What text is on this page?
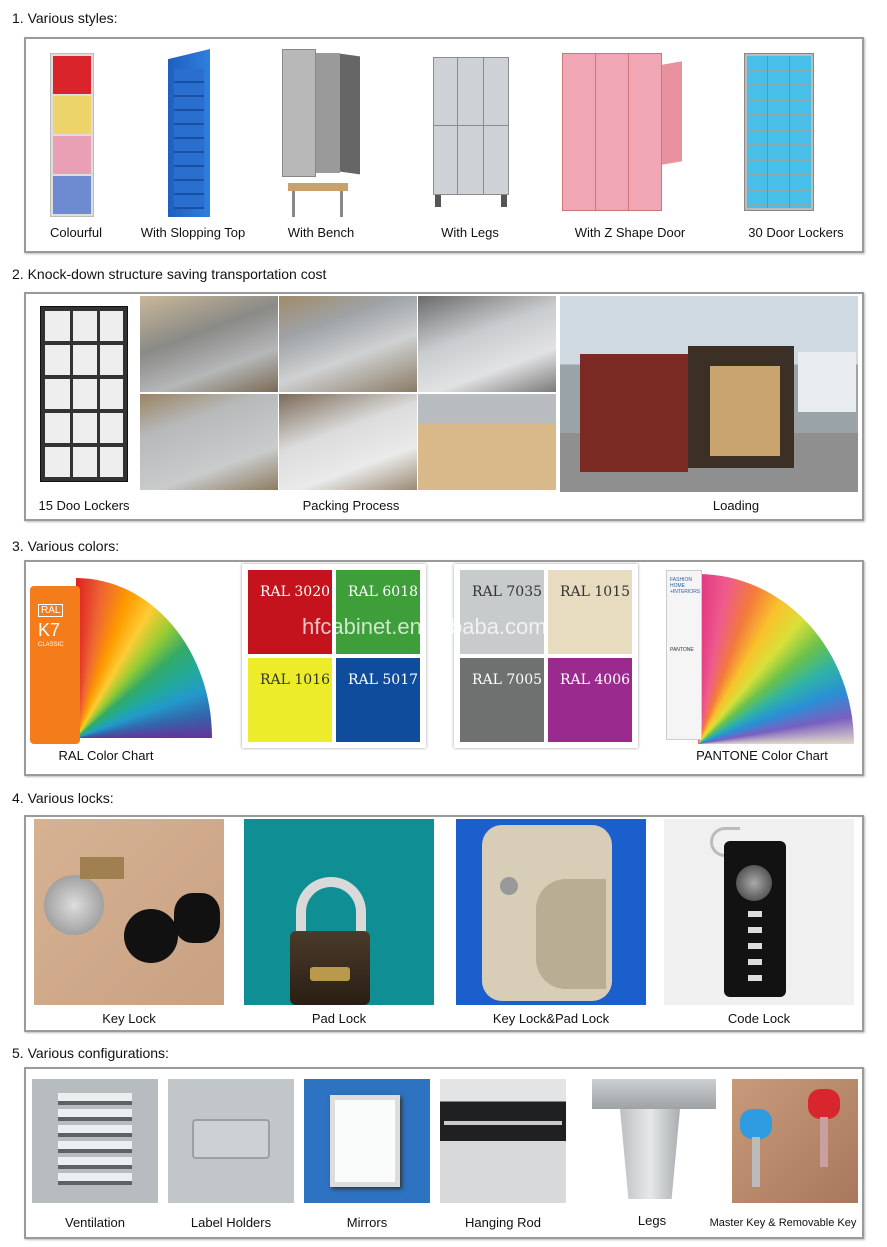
1. Various styles:
Colourful	With Slopping Top	With Bench	With Legs	With Z Shape Door	30 Door Lockers
2. Knock-down structure saving transportation cost
15 Doo Lockers	Packing Process	Loading
3. Various colors:
RAL
K7
CLASSIC
RAL 3020 RAL 6018
RAL 1016 RAL 5017
RAL 7035 RAL 1015
RAL 7005 RAL 4006
hfcabinet.en.alibaba.com
FASHION
HOME
+INTERIORS
PANTONE
RAL Color Chart	PANTONE Color Chart
4. Various locks:
Key Lock	Pad Lock	Key Lock&Pad Lock	Code Lock
5. Various configurations:
Ventilation	Label Holders	Mirrors	Hanging Rod	Legs	Master Key & Removable Key
